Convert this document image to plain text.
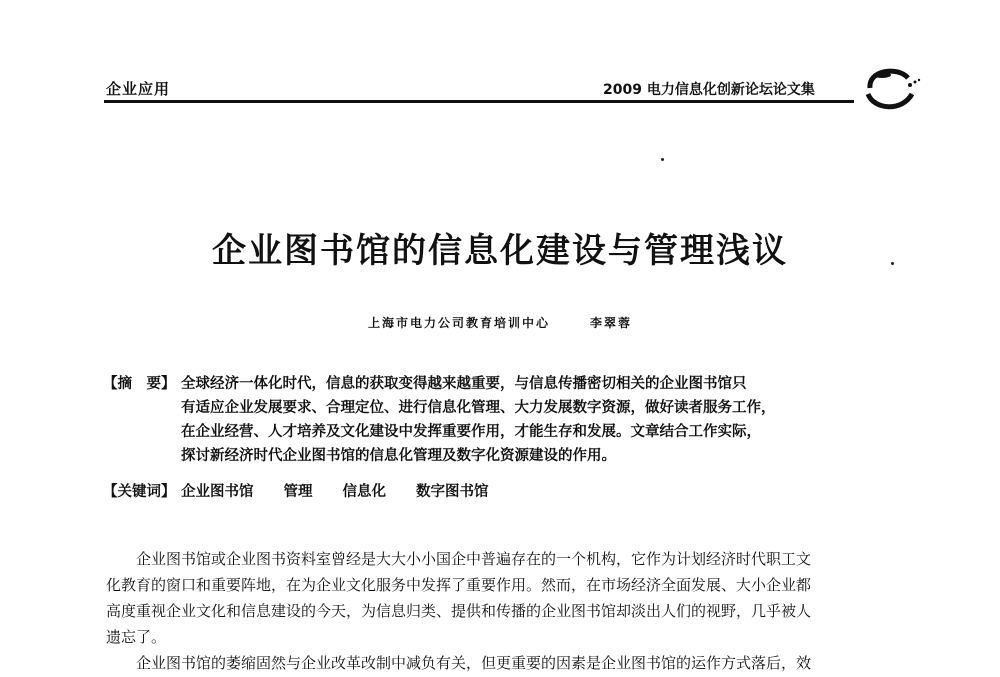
企业应用	2009 电力信息化创新论坛论文集
企业图书馆的信息化建设与管理浅议
上海市电力公司教育培训中心	李翠蓉
【摘　要】 全球经济一体化时代，信息的获取变得越来越重要，与信息传播密切相关的企业图书馆只
有适应企业发展要求、合理定位、进行信息化管理、大力发展数字资源，做好读者服务工作，
在企业经营、人才培养及文化建设中发挥重要作用，才能生存和发展。文章结合工作实际，
探讨新经济时代企业图书馆的信息化管理及数字化资源建设的作用。
【关键词】 企业图书馆 管理 信息化 数字图书馆
企业图书馆或企业图书资料室曾经是大大小小国企中普遍存在的一个机构，它作为计划经济时代职工文
化教育的窗口和重要阵地，在为企业文化服务中发挥了重要作用。然而，在市场经济全面发展、大小企业都
高度重视企业文化和信息建设的今天，为信息归类、提供和传播的企业图书馆却淡出人们的视野，几乎被人
遗忘了。
企业图书馆的萎缩固然与企业改革改制中减负有关，但更重要的因素是企业图书馆的运作方式落后，效
